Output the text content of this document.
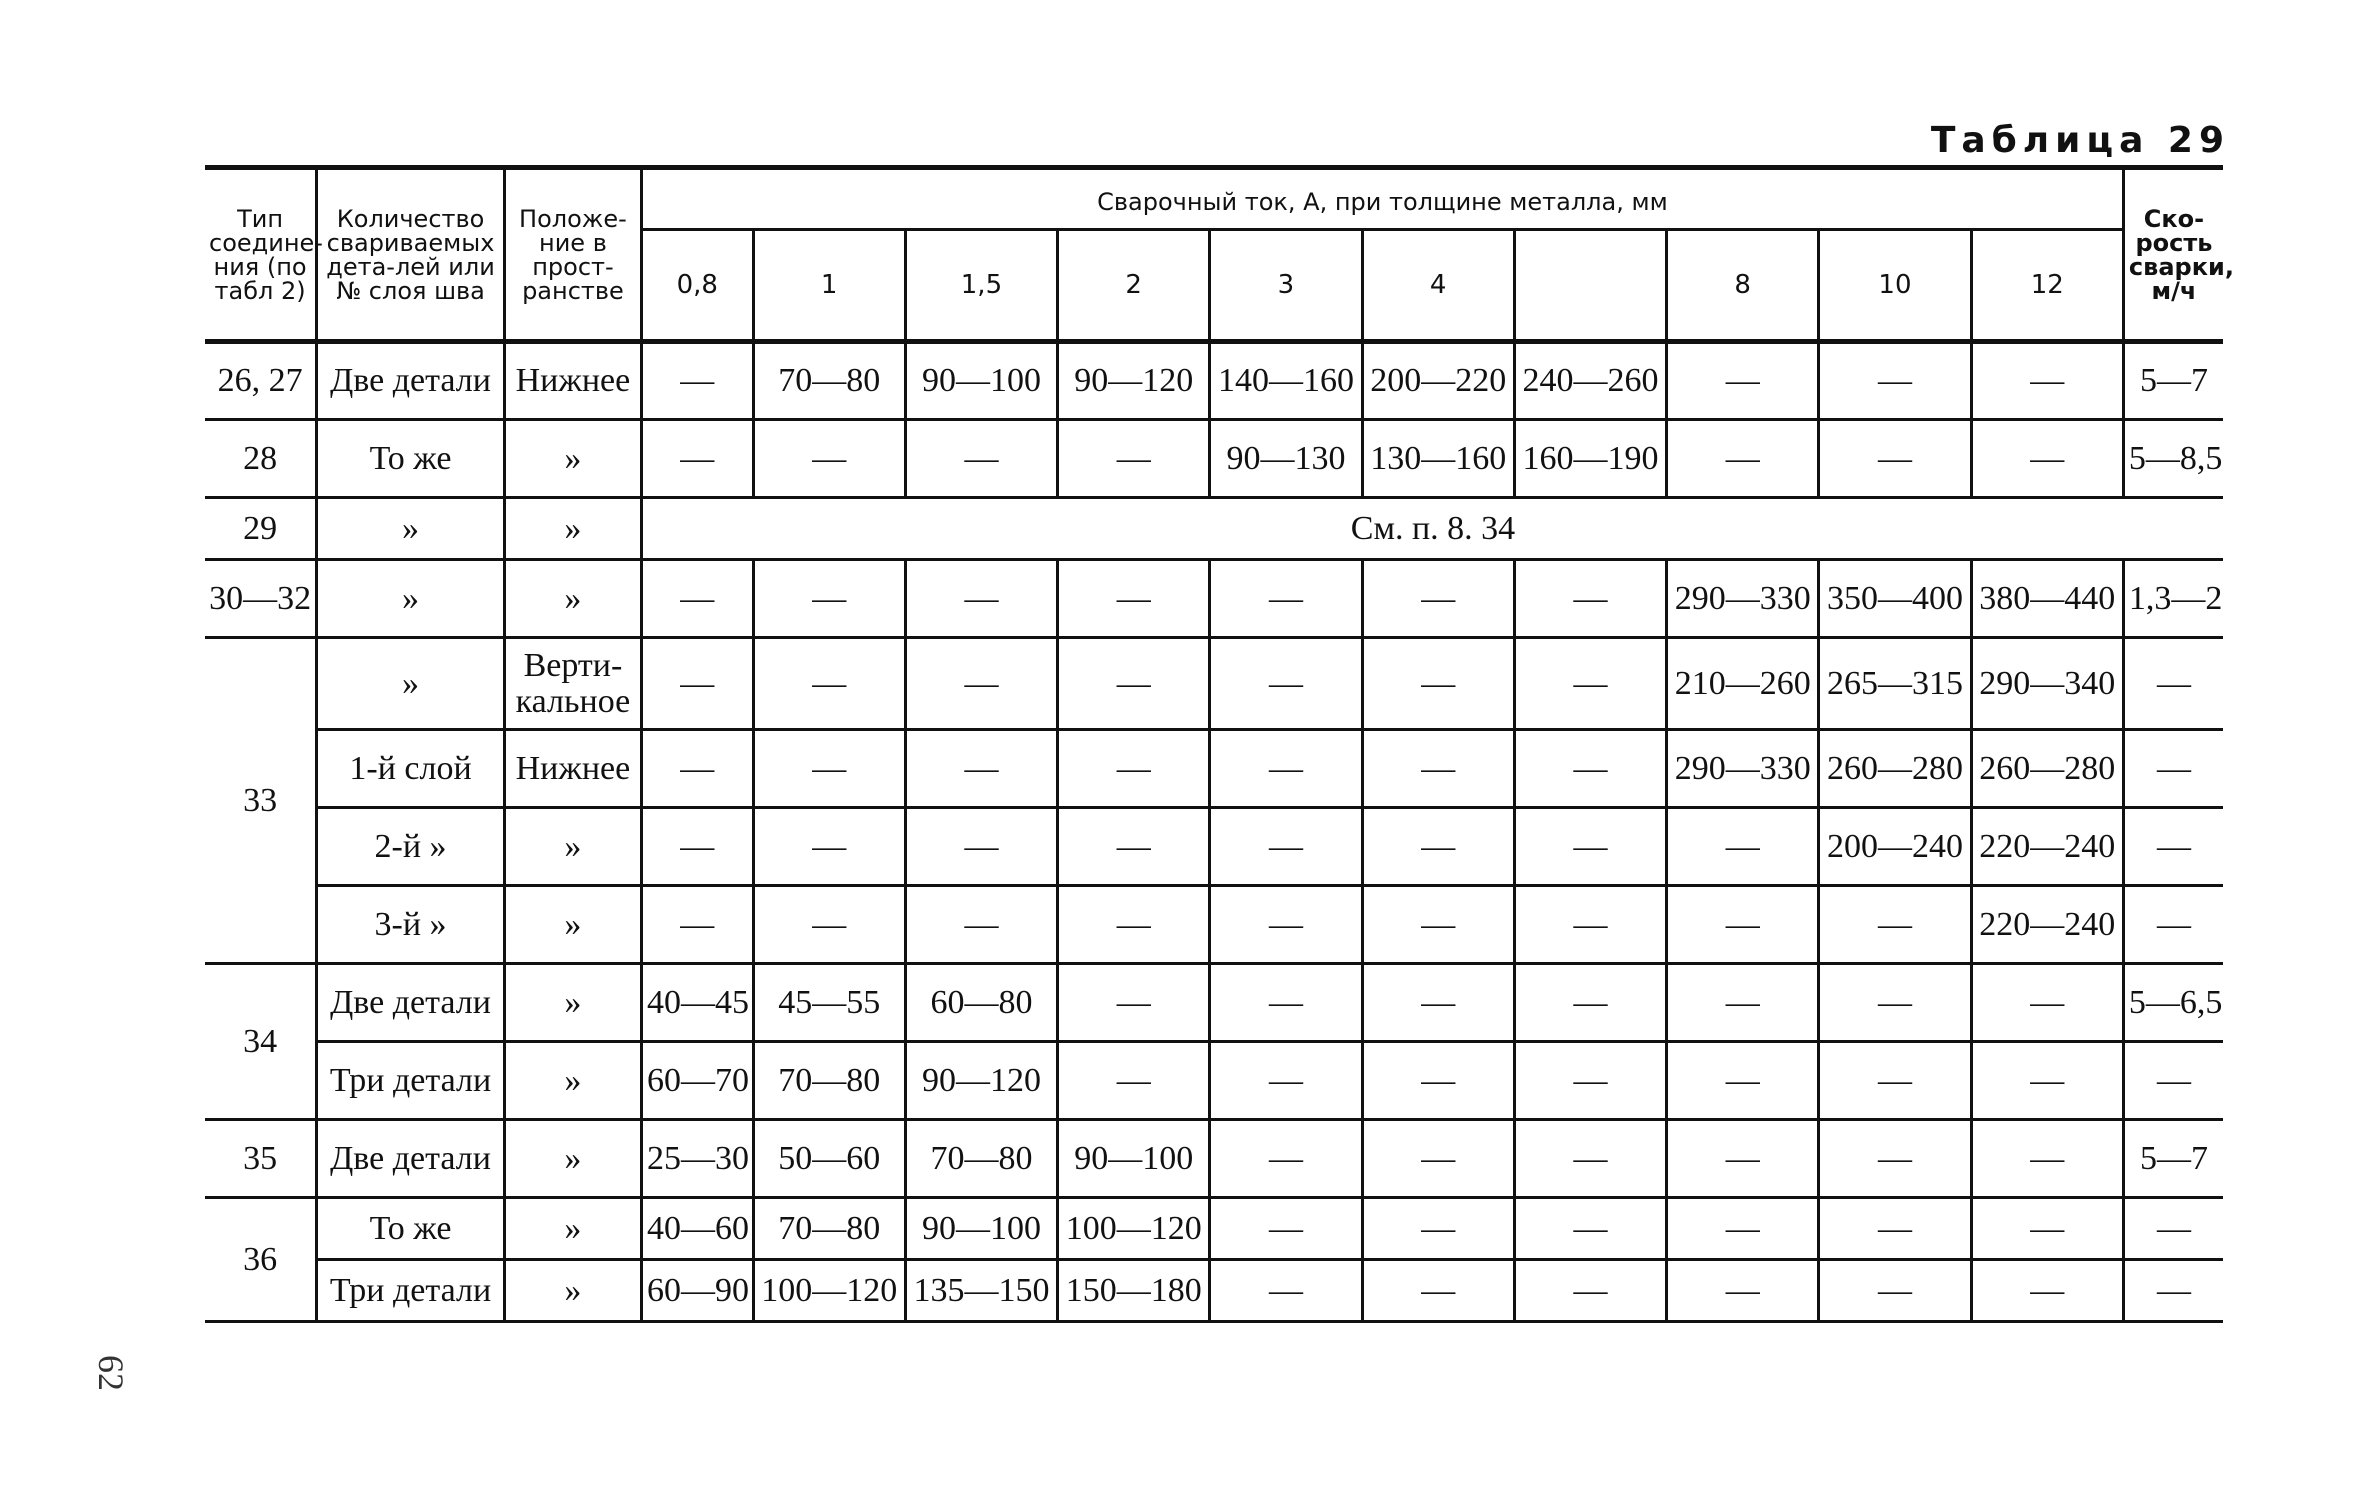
Таблица 29
Тип соедине-ния (по табл 2)	Количество свариваемых дета-лей или № слоя шва	Положе-ние в прост-ранстве	Сварочный ток, А, при толщине металла, мм										Ско-рость сварки, м/ч
			0,8	1	1,5	2	3	4		8	10	12	
26, 27	Две детали	Нижнее	—	70—80	90—100	90—120	140—160	200—220	240—260	—	—	—	5—7
28	То же	»	—	—	—	—	90—130	130—160	160—190	—	—	—	5—8,5
29	»	»	См. п. 8. 34										
30—32	»	»	—	—	—	—	—	—	—	290—330	350—400	380—440	1,3—2
33	»	Верти-кальное	—	—	—	—	—	—	—	210—260	265—315	290—340	—
	1-й слой	Нижнее	—	—	—	—	—	—	—	290—330	260—280	260—280	—
	2-й »	»	—	—	—	—	—	—	—	—	200—240	220—240	—
	3-й »	»	—	—	—	—	—	—	—	—	—	220—240	—
34	Две детали	»	40—45	45—55	60—80	—	—	—	—	—	—	—	5—6,5
	Три детали	»	60—70	70—80	90—120	—	—	—	—	—	—	—	—
35	Две детали	»	25—30	50—60	70—80	90—100	—	—	—	—	—	—	5—7
36	То же	»	40—60	70—80	90—100	100—120	—	—	—	—	—	—	—
	Три детали	»	60—90	100—120	135—150	150—180	—	—	—	—	—	—	—
62
